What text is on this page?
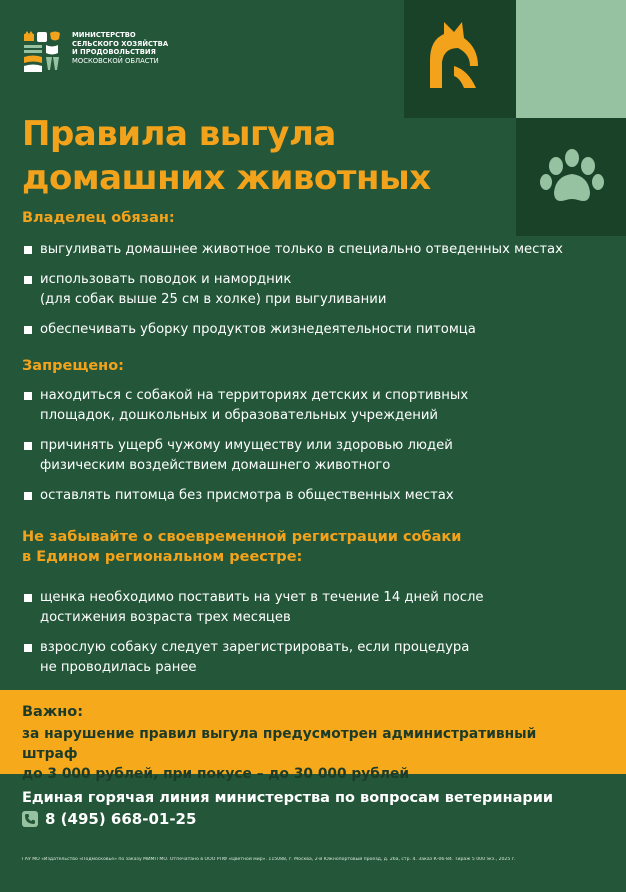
МИНИСТЕРСТВО
СЕЛЬСКОГО ХОЗЯЙСТВА
И ПРОДОВОЛЬСТВИЯ
МОСКОВСКОЙ ОБЛАСТИ
Правила выгула
домашних животных
Владелец обязан:
выгуливать домашнее животное только в специально отведенных местах
использовать поводок и намордник
(для собак выше 25 см в холке) при выгуливании
обеспечивать уборку продуктов жизнедеятельности питомца
Запрещено:
находиться с собакой на территориях детских и спортивных
площадок, дошкольных и образовательных учреждений
причинять ущерб чужому имуществу или здоровью людей
физическим воздействием домашнего животного
оставлять питомца без присмотра в общественных местах
Не забывайте о своевременной регистрации собаки
в Едином региональном реестре:
щенка необходимо поставить на учет в течение 14 дней после
достижения возраста трех месяцев
взрослую собаку следует зарегистрировать, если процедура
не проводилась ранее
Важно:
за нарушение правил выгула предусмотрен административный штраф
до 3 000 рублей, при покусе – до 30 000 рублей
Единая горячая линия министерства по вопросам ветеринарии
8 (495) 668-01-25
ГАУ МО «Издательство «Подмосковье» по заказу МИМП МО. Отпечатано в ООО РПФ «Цветной мир». 115088, г. Москва, 2-й Южнопортовый проезд, д. 26а, стр. 4. Заказ К-06-84. Тираж 5 000 экз., 2025 г.
